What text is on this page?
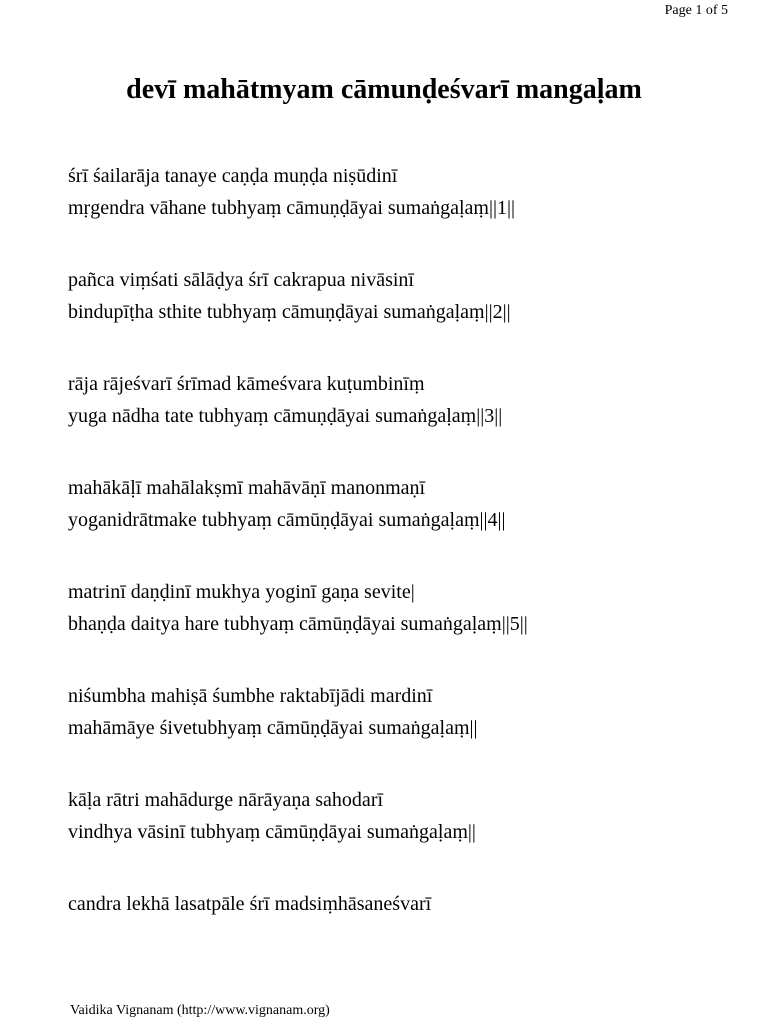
Page 1 of 5
devī mahātmyam cāmunḍeśvarī mangaḷam
śrī śailarāja tanaye caṇḍa muṇḍa niṣūdinī
mṛgendra vāhane tubhyaṃ cāmuṇḍāyai sumaṅgaḷaṃ||1||
pañca viṃśati sālāḍya śrī cakrapua nivāsinī
bindupīṭha sthite tubhyaṃ cāmuṇḍāyai sumaṅgaḷaṃ||2||
rāja rājeśvarī śrīmad kāmeśvara kuṭumbinīṃ
yuga nādha tate tubhyaṃ cāmuṇḍāyai sumaṅgaḷaṃ||3||
mahākāḷī mahālakṣmī mahāvāṇī manonmaṇī
yoganidrātmake tubhyaṃ cāmūṇḍāyai sumaṅgaḷaṃ||4||
matrinī daṇḍinī mukhya yoginī gaṇa sevite|
bhaṇḍa daitya hare tubhyaṃ cāmūṇḍāyai sumaṅgaḷaṃ||5||
niśumbha mahiṣā śumbhe raktabījādi mardinī
mahāmāye śivetubhyaṃ cāmūṇḍāyai sumaṅgaḷaṃ||
kāḷa rātri mahādurge nārāyaṇa sahodarī
vindhya vāsinī tubhyaṃ cāmūṇḍāyai sumaṅgaḷaṃ||
candra lekhā lasatpāle śrī madsiṃhāsaneśvarī
Vaidika Vignanam (http://www.vignanam.org)
